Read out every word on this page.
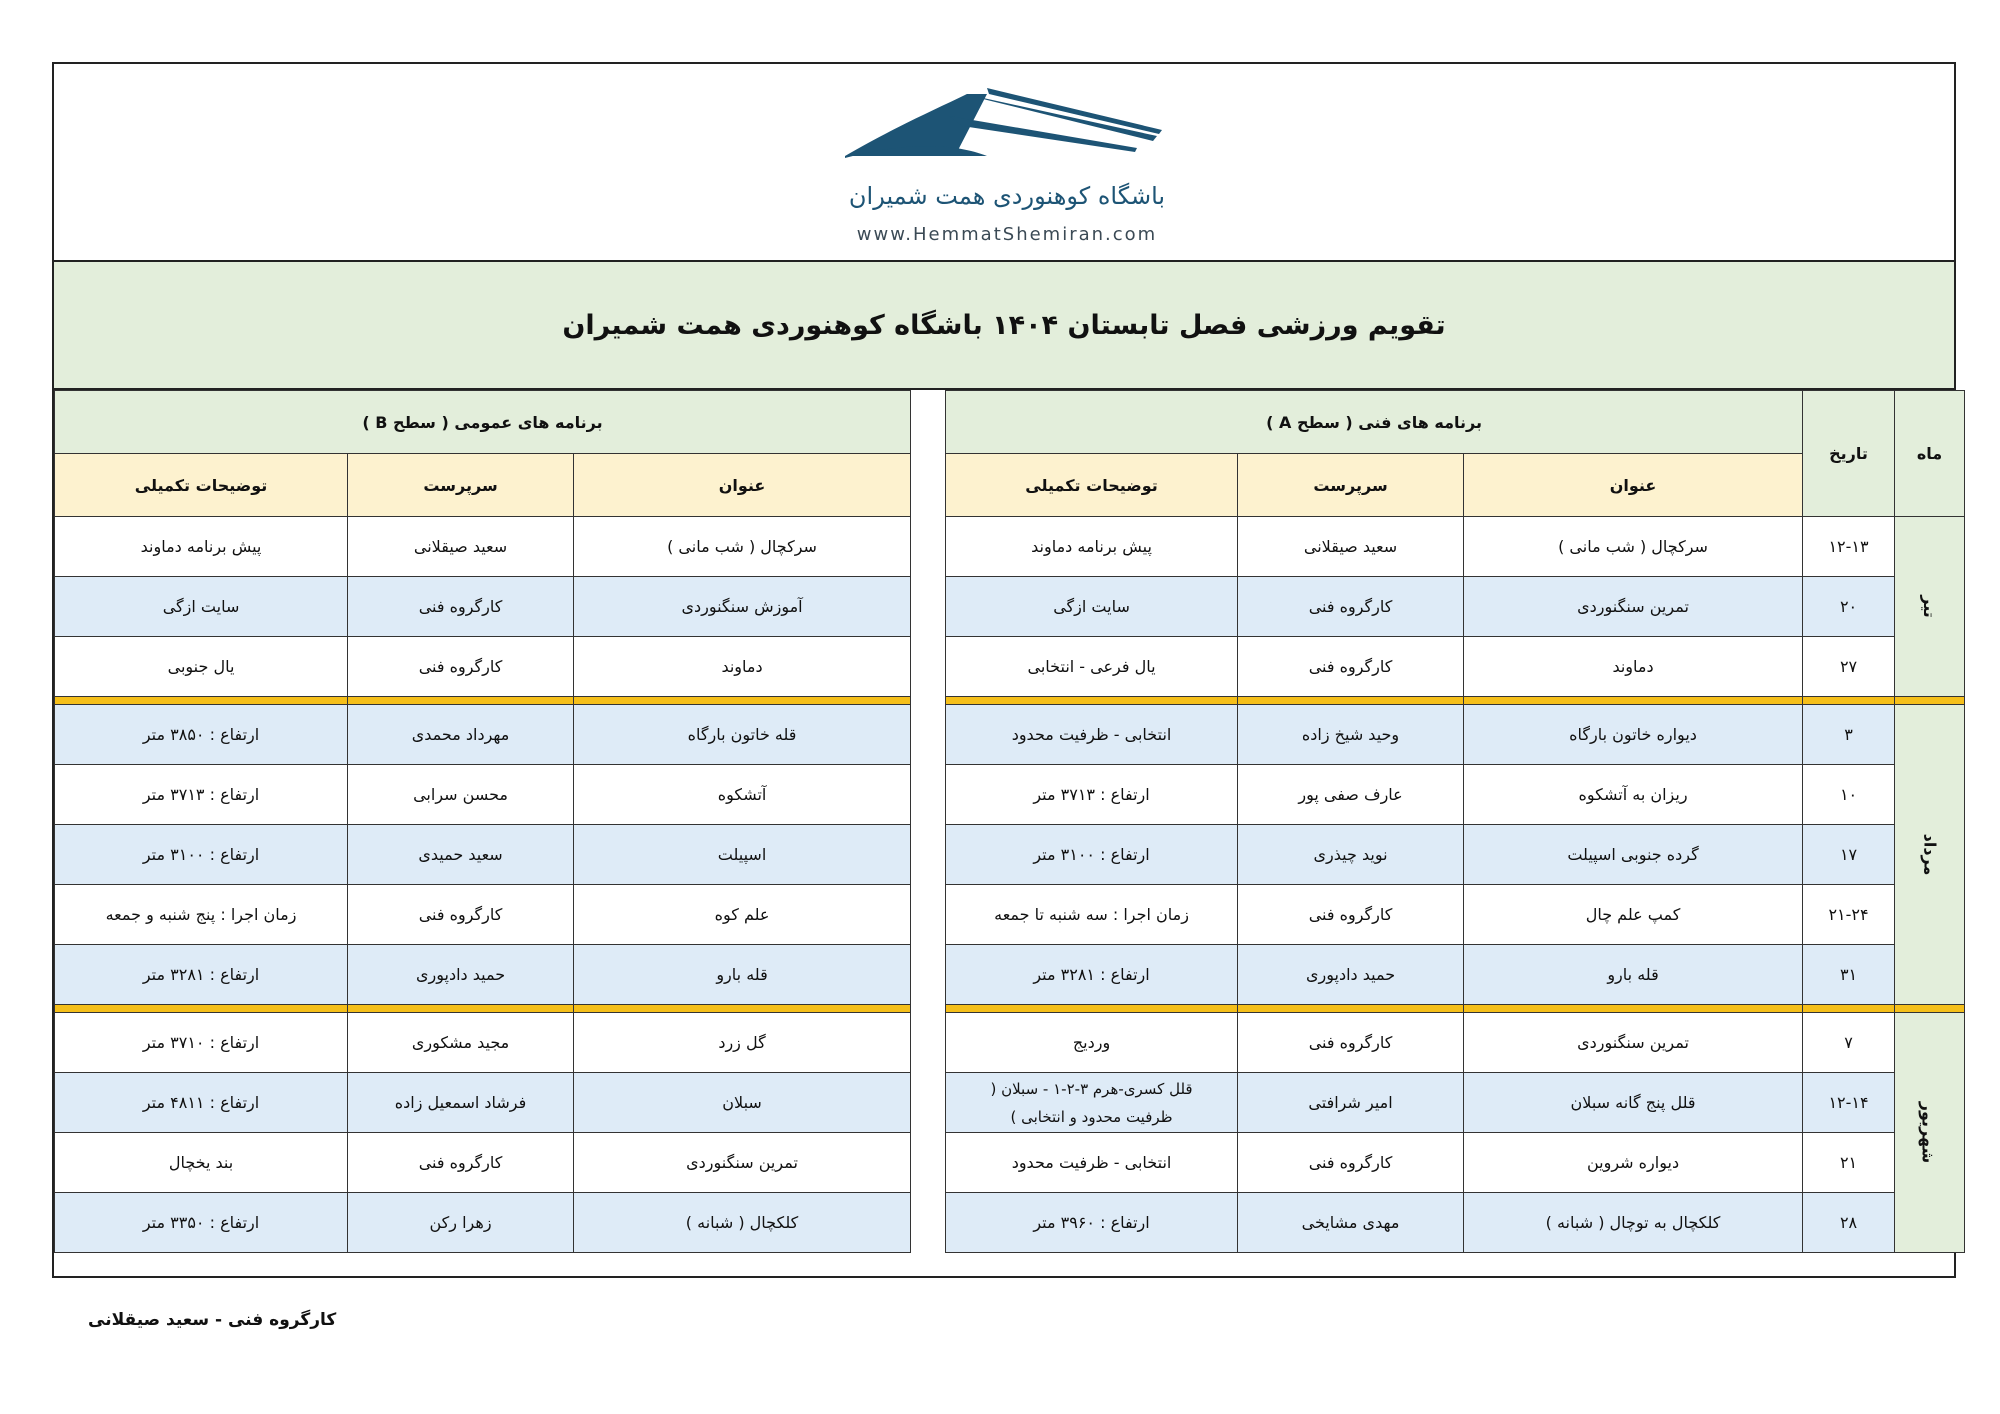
باشگاه کوهنوردی همت شمیران
www.HemmatShemiran.com
تقویم ورزشی فصل تابستان ۱۴۰۴ باشگاه کوهنوردی همت شمیران
ماه	تاریخ	برنامه های فنی ( سطح A )				برنامه های عمومی ( سطح B )		
		عنوان	سرپرست	توضیحات تکمیلی		عنوان	سرپرست	توضیحات تکمیلی
تیر	۱۲-۱۳	سرکچال ( شب مانی )	سعید صیقلانی	پیش برنامه دماوند		سرکچال ( شب مانی )	سعید صیقلانی	پیش برنامه دماوند
	۲۰	تمرین سنگنوردی	کارگروه فنی	سایت ازگی		آموزش سنگنوردی	کارگروه فنی	سایت ازگی
	۲۷	دماوند	کارگروه فنی	یال فرعی - انتخابی		دماوند	کارگروه فنی	یال جنوبی

مرداد	۳	دیواره خاتون بارگاه	وحید شیخ زاده	انتخابی - ظرفیت محدود		قله خاتون بارگاه	مهرداد محمدی	ارتفاع : ۳۸۵۰ متر
	۱۰	ریزان به آتشکوه	عارف صفی پور	ارتفاع : ۳۷۱۳ متر		آتشکوه	محسن سرابی	ارتفاع : ۳۷۱۳ متر
	۱۷	گرده جنوبی اسپیلت	نوید چیذری	ارتفاع : ۳۱۰۰ متر		اسپیلت	سعید حمیدی	ارتفاع : ۳۱۰۰ متر
	۲۱-۲۴	کمپ علم چال	کارگروه فنی	زمان اجرا : سه شنبه تا جمعه		علم کوه	کارگروه فنی	زمان اجرا : پنج شنبه و جمعه
	۳۱	قله بارو	حمید دادپوری	ارتفاع : ۳۲۸۱ متر		قله بارو	حمید دادپوری	ارتفاع : ۳۲۸۱ متر

شهریور	۷	تمرین سنگنوردی	کارگروه فنی	وردیج		گل زرد	مجید مشکوری	ارتفاع : ۳۷۱۰ متر
	۱۲-۱۴	قلل پنج گانه سبلان	امیر شرافتی	قلل کسری-هرم ۳-۲-۱ - سبلان (
ظرفیت محدود و انتخابی )		سبلان	فرشاد اسمعیل زاده	ارتفاع : ۴۸۱۱ متر
	۲۱	دیواره شروین	کارگروه فنی	انتخابی - ظرفیت محدود		تمرین سنگنوردی	کارگروه فنی	بند یخچال
	۲۸	کلکچال به توچال ( شبانه )	مهدی مشایخی	ارتفاع : ۳۹۶۰ متر		کلکچال ( شبانه )	زهرا رکن	ارتفاع : ۳۳۵۰ متر
کارگروه فنی - سعید صیقلانی
